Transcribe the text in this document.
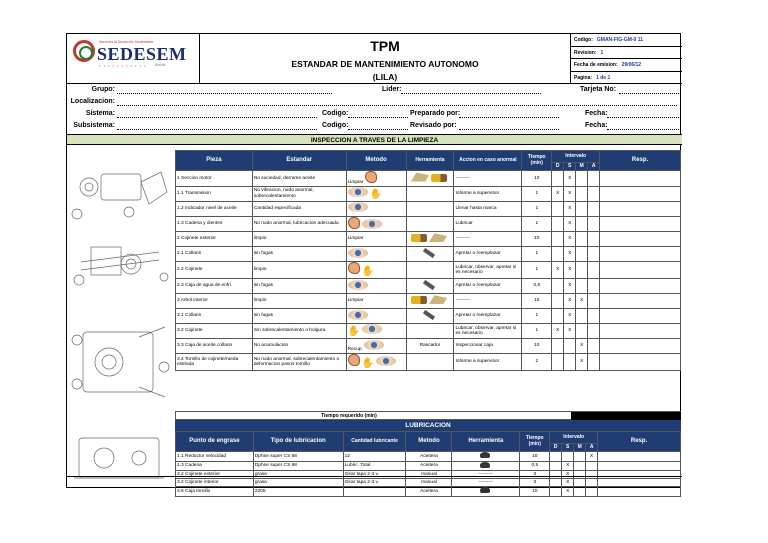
Servicios al Desarrollo Sustentable
SEDESEM
• • • • • • • • • • • Bolivia
TPM
ESTANDAR DE MANTENIMIENTO AUTONOMO
(LILA)
Codigo: GMAN-FIG-GM-0 11
Revision: 1
Fecha de emision: 29/06/12
Pagina: 1 de 1
Grupo:	Lider:	Tarjeta No:
Localizacion:
Sistema:	Codigo:	Preparado por:	Fecha:
Subsistema:	Codigo:	Revisado por:	Fecha:
INSPECCION A TRAVES DE LA LIMPIEZA
Pieza	Estandar	Metodo	Herramienta	Accion en caso anormal	Tiempo (min)	Intervalo				Resp.
						D	S	M	A	
1 Seccion motor	No suciedad, derrame aceite	Limpiar		---------	10		X			
1.1 Transmision	No vibracion, ruido anormal, sobrecalentamiento	✋		Informe a supervisor	1	X	X			
1.2 Indicador nivel de aceite	Cantidad especificada			Llenar hasta marca	1		X			
1.3 Cadena y dientes	No ruido anormal, lubricacion adecuada			Lubricar	1		X			
2 Cojinete exterior	limpio	Limpiar		---------	10		X			
2.1 Collarin	sin fugas			Apretar o reemplazar	1		X			
2.2 Cojinete	limpio	✋		Lubricar, observar, apretar si es necesario	1	X	X			
2.3 Caja de agua de enfri.	sin fugas			Apretar o reemplazar	0,5		X			
3 Arbol interior	limpio	Limpiar		---------	15		X	X		
3.1 Collarin	sin fugas			Apretar o reemplazar	1		X			
3.2 Cojinete	Sin sobrecalentamiento o holgura	✋		Lubricar, observar, apretar si es necesario	1	X	X			
3.3 Caja de aceite collarin	No acumulacion	Recup	Rascador	Inspeccionar caja	10			X		
3.4 Tornillo de cojinete/rueda estriada	No ruido anormal, sobrecalentamiento o deformacion pasos tornillo	✋		Informe a supervisor	2			X		
Tiempo requerido (min)
LUBRICACION
Punto de engrase	Tipo de lubricacion	Cantidad lubricante	Metodo	Herramienta	Tiempo (min)	Intervalo				Resp.
						D	S	M	A	
1.1 Reductor velocidad	Dphne super CS 68	12	Aceitera		10				X	
1.3 Cadena	Dphne super CS 68	Lubric. Total	Aceitera		0,5		X			
2.2 Cojinete exterior	grasa	Girar tapa 2-3 v.	manual	---------	3		X			
3.2 Cojinete interior	grasa	Girar tapa 2-3 v.	manual	---------	3		X			
3.5 Caja tornillo	2205		Aceitera		10		X			
